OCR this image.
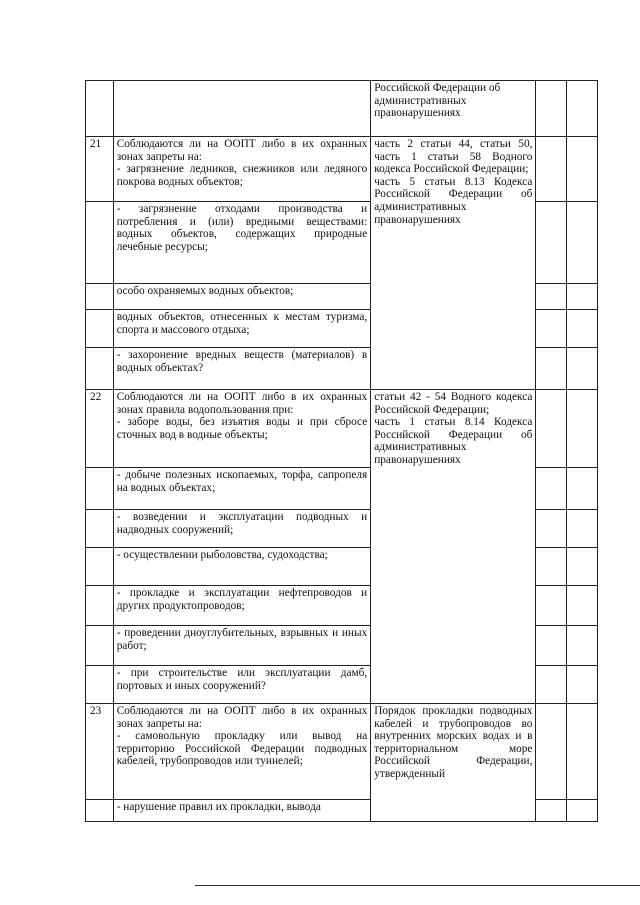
		Российской Федерации об
административных
правонарушениях		
21	Соблюдаются ли на ООПТ либо в их охранных зонах запреты на:
- загрязнение ледников, снежников или ледяного покрова водных объектов;	часть 2 статьи 44, статьи 50, часть 1 статьи 58 Водного кодекса Российской Федерации;
часть 5 статьи 8.13 Кодекса Российской Федерации об административных правонарушениях		
	- загрязнение отходами производства и потребления и (или) вредными веществами: водных объектов, содержащих природные лечебные ресурсы;			
	особо охраняемых водных объектов;			
	водных объектов, отнесенных к местам туризма, спорта и массового отдыха;			
	- захоронение вредных веществ (материалов) в водных объектах?			
22	Соблюдаются ли на ООПТ либо в их охранных зонах правила водопользования при:
- заборе воды, без изъятия воды и при сбросе сточных вод в водные объекты;	статьи 42 - 54 Водного кодекса Российской Федерации;
часть 1 статьи 8.14 Кодекса Российской Федерации об административных правонарушениях		
	- добыче полезных ископаемых, торфа, сапропеля на водных объектах;			
	- возведении и эксплуатации подводных и надводных сооружений;			
	- осуществлении рыболовства, судоходства;			
	- прокладке и эксплуатации нефтепроводов и других продуктопроводов;			
	- проведении дноуглубительных, взрывных и иных работ;			
	- при строительстве или эксплуатации дамб, портовых и иных сооружений?			
23	Соблюдаются ли на ООПТ либо в их охранных зонах запреты на:
- самовольную прокладку или вывод на территорию Российской Федерации подводных кабелей, трубопроводов или туннелей;	Порядок прокладки подводных кабелей и трубопроводов во внутренних морских водах и в территориальном море Российской Федерации, утвержденный		
	- нарушение правил их прокладки, вывода			
